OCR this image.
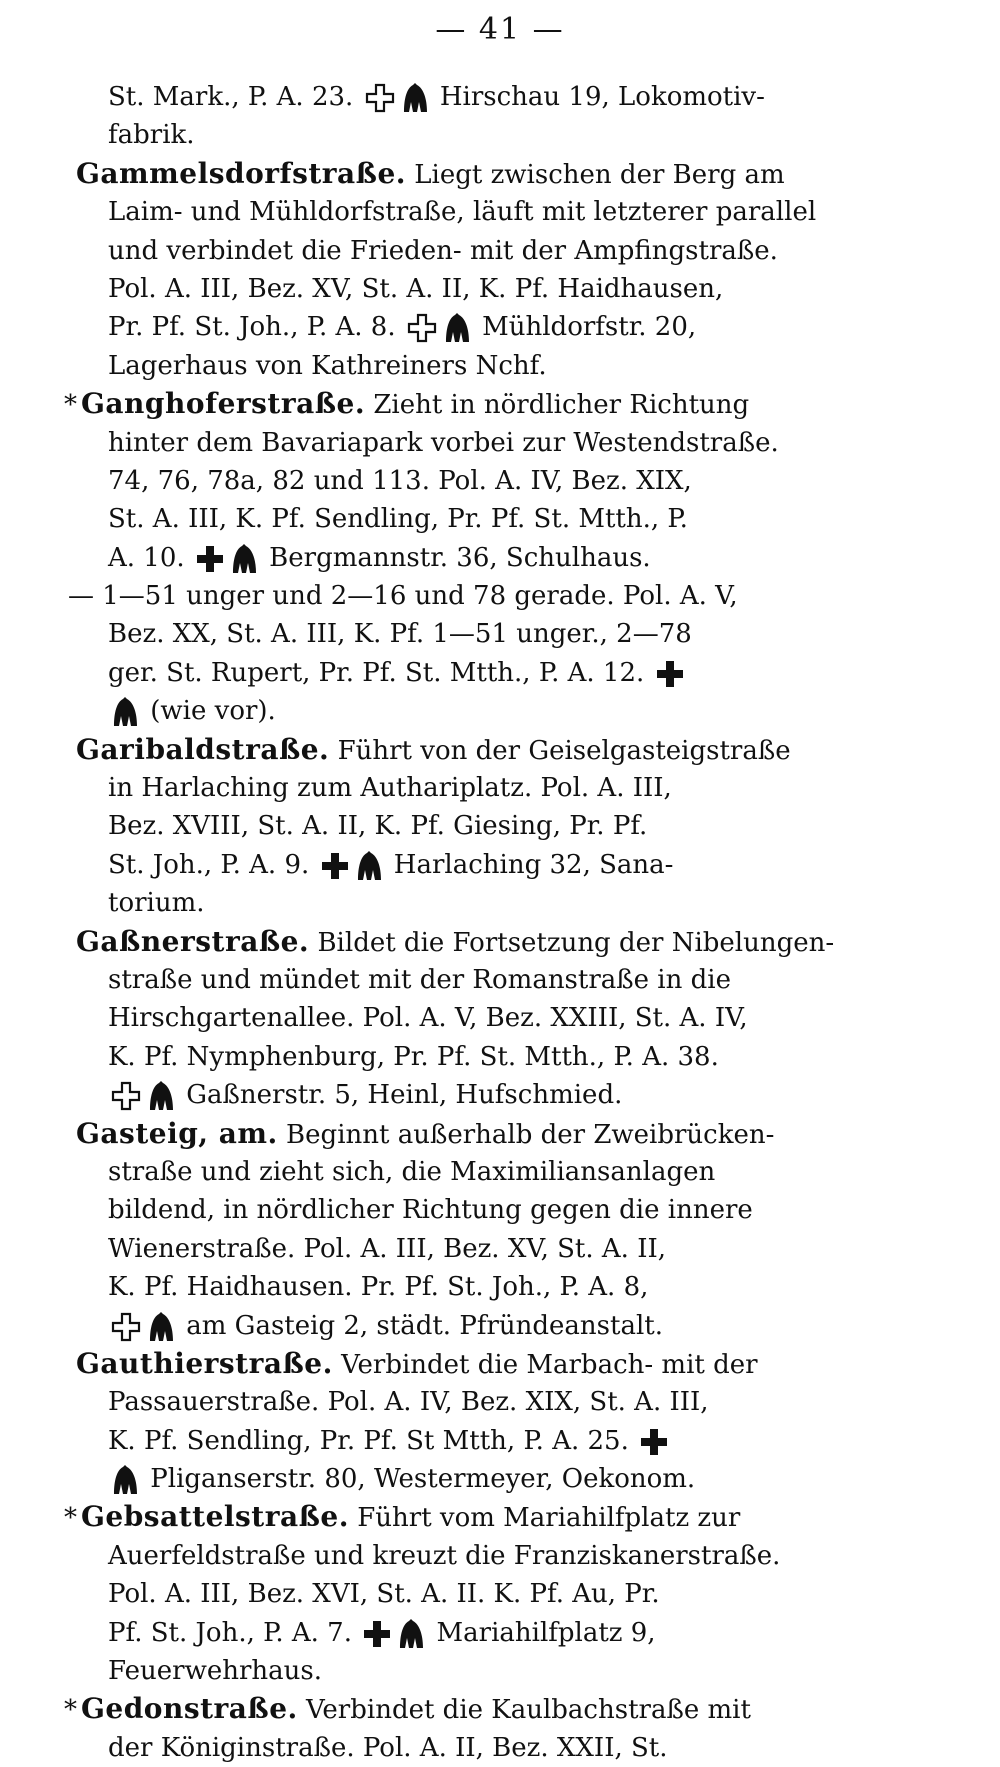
— 41 —
St. Mark., P. A. 23.	Hirschau 19, Lokomotiv-
fabrik.
Gammelsdorfstraße. Liegt zwischen der Berg am
Laim- und Mühldorfstraße, läuft mit letzterer parallel
und verbindet die Frieden- mit der Ampfingstraße.
Pol. A. III, Bez. XV, St. A. II, K. Pf. Haidhausen,
Pr. Pf. St. Joh., P. A. 8.	Mühldorfstr. 20,
Lagerhaus von Kathreiners Nchf.
* Ganghoferstraße. Zieht in nördlicher Richtung
hinter dem Bavariapark vorbei zur Westendstraße.
74, 76, 78a, 82 und 113. Pol. A. IV, Bez. XIX,
St. A. III, K. Pf. Sendling, Pr. Pf. St. Mtth., P.
A. 10.	Bergmannstr. 36, Schulhaus.
— 1—51 unger und 2—16 und 78 gerade. Pol. A. V,
Bez. XX, St. A. III, K. Pf. 1—51 unger., 2—78
ger. St. Rupert, Pr. Pf. St. Mtth., P. A. 12.
(wie vor).
Garibaldstraße. Führt von der Geiselgasteigstraße
in Harlaching zum Authariplatz. Pol. A. III,
Bez. XVIII, St. A. II, K. Pf. Giesing, Pr. Pf.
St. Joh., P. A. 9.	Harlaching 32, Sana-
torium.
Gaßnerstraße. Bildet die Fortsetzung der Nibelungen-
straße und mündet mit der Romanstraße in die
Hirschgartenallee. Pol. A. V, Bez. XXIII, St. A. IV,
K. Pf. Nymphenburg, Pr. Pf. St. Mtth., P. A. 38.
Gaßnerstr. 5, Heinl, Hufschmied.
Gasteig, am. Beginnt außerhalb der Zweibrücken-
straße und zieht sich, die Maximiliansanlagen
bildend, in nördlicher Richtung gegen die innere
Wienerstraße. Pol. A. III, Bez. XV, St. A. II,
K. Pf. Haidhausen. Pr. Pf. St. Joh., P. A. 8,
am Gasteig 2, städt. Pfründeanstalt.
Gauthierstraße. Verbindet die Marbach- mit der
Passauerstraße. Pol. A. IV, Bez. XIX, St. A. III,
K. Pf. Sendling, Pr. Pf. St Mtth, P. A. 25.
Pliganserstr. 80, Westermeyer, Oekonom.
* Gebsattelstraße. Führt vom Mariahilfplatz zur
Auerfeldstraße und kreuzt die Franziskanerstraße.
Pol. A. III, Bez. XVI, St. A. II. K. Pf. Au, Pr.
Pf. St. Joh., P. A. 7.	Mariahilfplatz 9,
Feuerwehrhaus.
* Gedonstraße. Verbindet die Kaulbachstraße mit
der Königinstraße. Pol. A. II, Bez. XXII, St.
